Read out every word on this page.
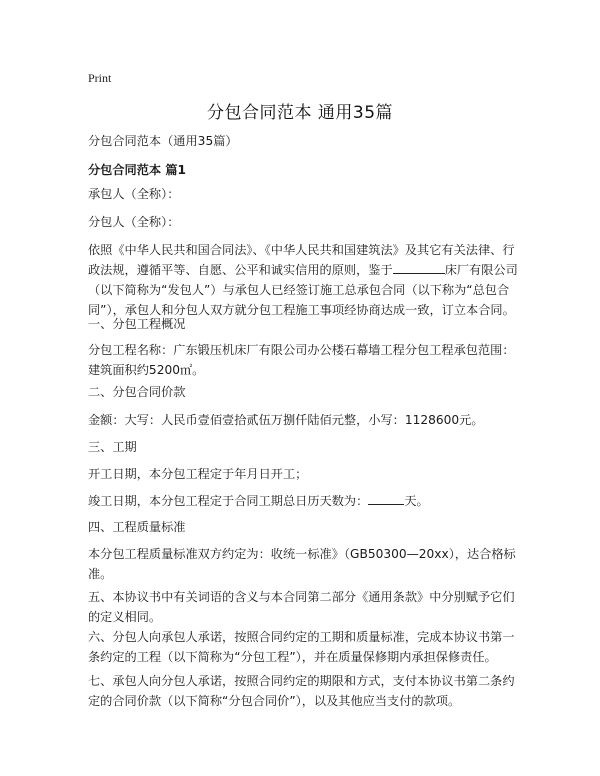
Print
分包合同范本 通用35篇
分包合同范本（通用35篇）
分包合同范本 篇1
承包人（全称）：
分包人（全称）：
依照《中华人民共和国合同法》、《中华人民共和国建筑法》及其它有关法律、行政法规，遵循平等、自愿、公平和诚实信用的原则，鉴于	床厂有限公司（以下简称为“发包人”）与承包人已经签订施工总承包合同（以下称为“总包合同”），承包人和分包人双方就分包工程施工事项经协商达成一致，订立本合同。
一、分包工程概况
分包工程名称：广东锻压机床厂有限公司办公楼石幕墙工程分包工程承包范围：建筑面积约5200㎡。
二、分包合同价款
金额：大写：人民币壹佰壹拾贰伍万捌仟陆佰元整，小写：1128600元。
三、工期
开工日期，本分包工程定于年月日开工；
竣工日期，本分包工程定于合同工期总日历天数为：	天。
四、工程质量标准
本分包工程质量标准双方约定为：收统一标准》（GB50300—20xx），达合格标准。
五、本协议书中有关词语的含义与本合同第二部分《通用条款》中分别赋予它们的定义相同。
六、分包人向承包人承诺，按照合同约定的工期和质量标准，完成本协议书第一条约定的工程（以下简称为“分包工程”），并在质量保修期内承担保修责任。
七、承包人向分包人承诺，按照合同约定的期限和方式，支付本协议书第二条约定的合同价款（以下简称“分包合同价”），以及其他应当支付的款项。
